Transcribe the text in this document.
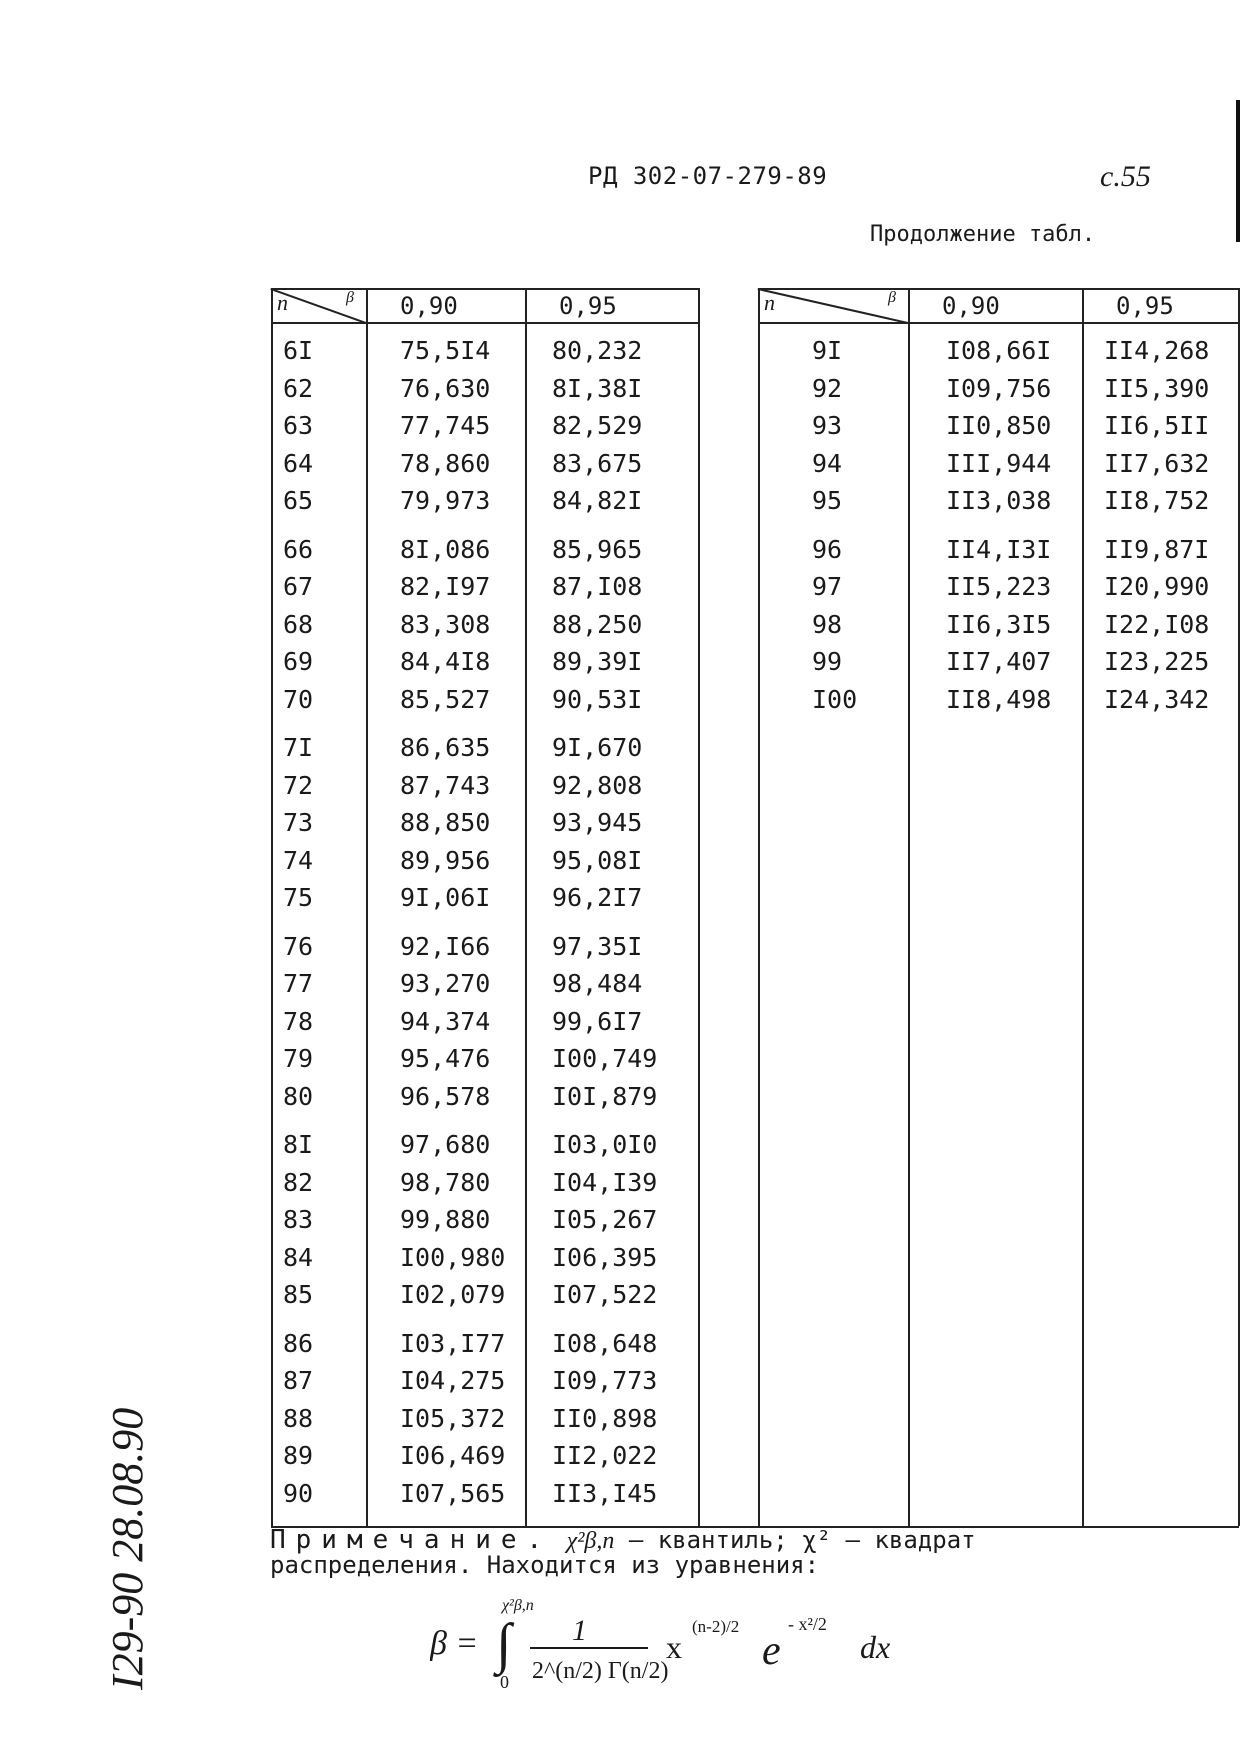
РД 302-07-279-89	с.55
Продолжение табл.
n	β 0,90	0,95
6I	75,5I4 80,232
62	76,630 8I,38I
63	77,745 82,529
64	78,860 83,675
65	79,973 84,82I
66	8I,086 85,965
67	82,I97 87,I08
68	83,308 88,250
69	84,4I8 89,39I
70	85,527 90,53I
7I	86,635 9I,670
72	87,743 92,808
73	88,850 93,945
74	89,956 95,08I
75	9I,06I 96,2I7
76	92,I66 97,35I
77	93,270 98,484
78	94,374 99,6I7
79	95,476 I00,749
80	96,578 I0I,879
8I	97,680 I03,0I0
82	98,780 I04,I39
83	99,880 I05,267
84	I00,980 I06,395
85	I02,079 I07,522
86	I03,I77 I08,648
87	I04,275 I09,773
88	I05,372 II0,898
89	I06,469 II2,022
90	I07,565 II3,I45
n	β 0,90	0,95
9I	I08,66I II4,268
92	I09,756 II5,390
93	II0,850 II6,5II
94	III,944 II7,632
95	II3,038 II8,752
96	II4,I3I II9,87I
97	II5,223 I20,990
98	II6,3I5 I22,I08
99	II7,407 I23,225
I00	II8,498 I24,342
Примечание. χ²β,n – квантиль; χ² – квадрат
распределения. Находится из уравнения:
β = ∫
χ²β,n
0
1
2^(n/2) Γ(n/2)
x
(n-2)/2
e
- x²/2
dx
I29-90 28.08.90
